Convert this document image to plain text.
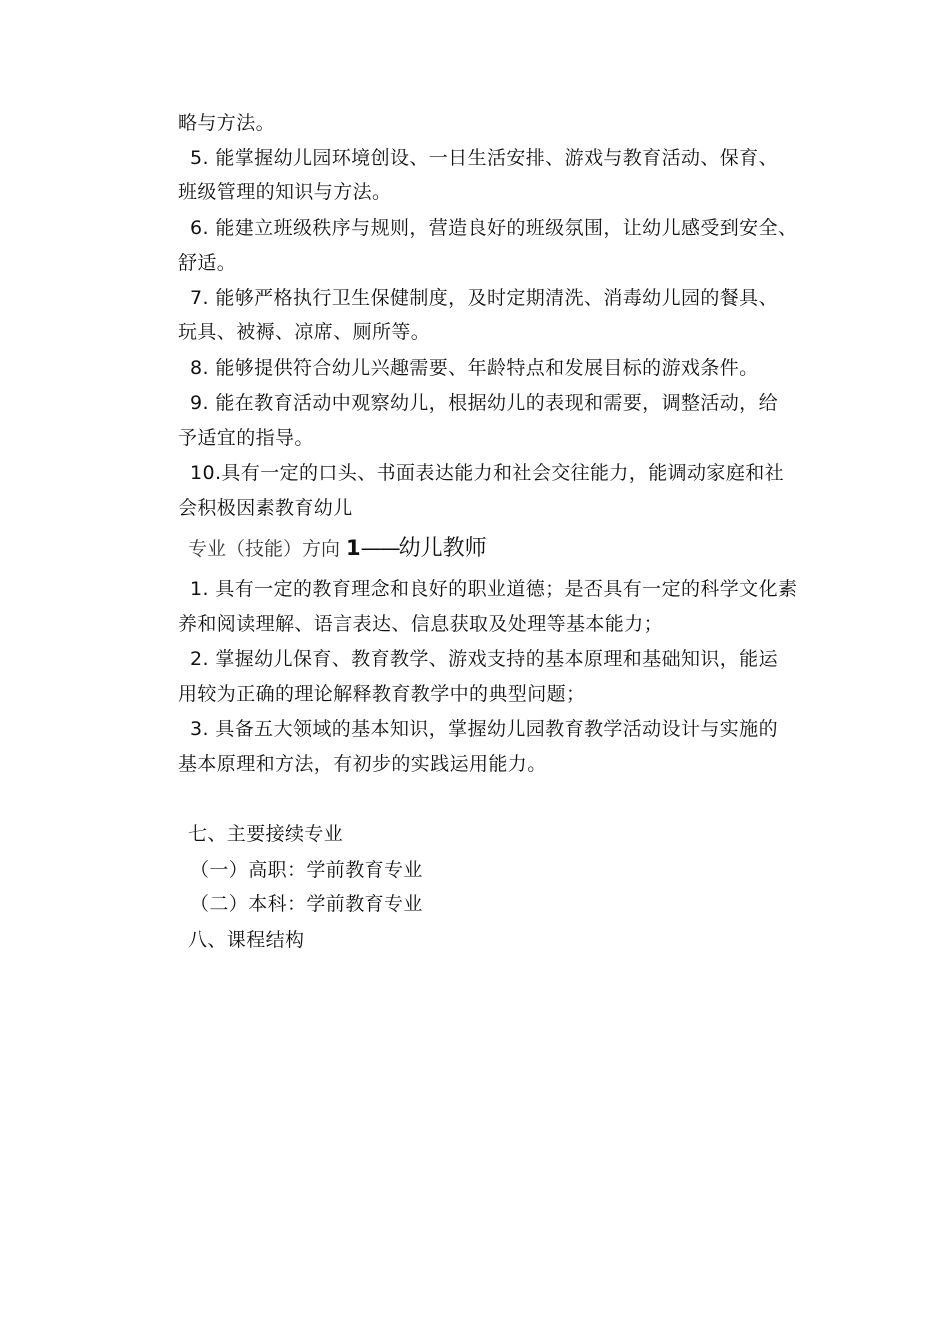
略与方法。
5. 能掌握幼儿园环境创设、一日生活安排、游戏与教育活动、保育、
班级管理的知识与方法。
6. 能建立班级秩序与规则，营造良好的班级氛围，让幼儿感受到安全、
舒适。
7. 能够严格执行卫生保健制度，及时定期清洗、消毒幼儿园的餐具、
玩具、被褥、凉席、厕所等。
8. 能够提供符合幼儿兴趣需要、年龄特点和发展目标的游戏条件。
9. 能在教育活动中观察幼儿，根据幼儿的表现和需要，调整活动，给
予适宜的指导。
10.具有一定的口头、书面表达能力和社会交往能力，能调动家庭和社
会积极因素教育幼儿
专业（技能）方向 1——幼儿教师
1. 具有一定的教育理念和良好的职业道德；是否具有一定的科学文化素
养和阅读理解、语言表达、信息获取及处理等基本能力；
2. 掌握幼儿保育、教育教学、游戏支持的基本原理和基础知识，能运
用较为正确的理论解释教育教学中的典型问题；
3. 具备五大领域的基本知识，掌握幼儿园教育教学活动设计与实施的
基本原理和方法，有初步的实践运用能力。
七、主要接续专业
（一）高职：学前教育专业
（二）本科：学前教育专业
八、课程结构
